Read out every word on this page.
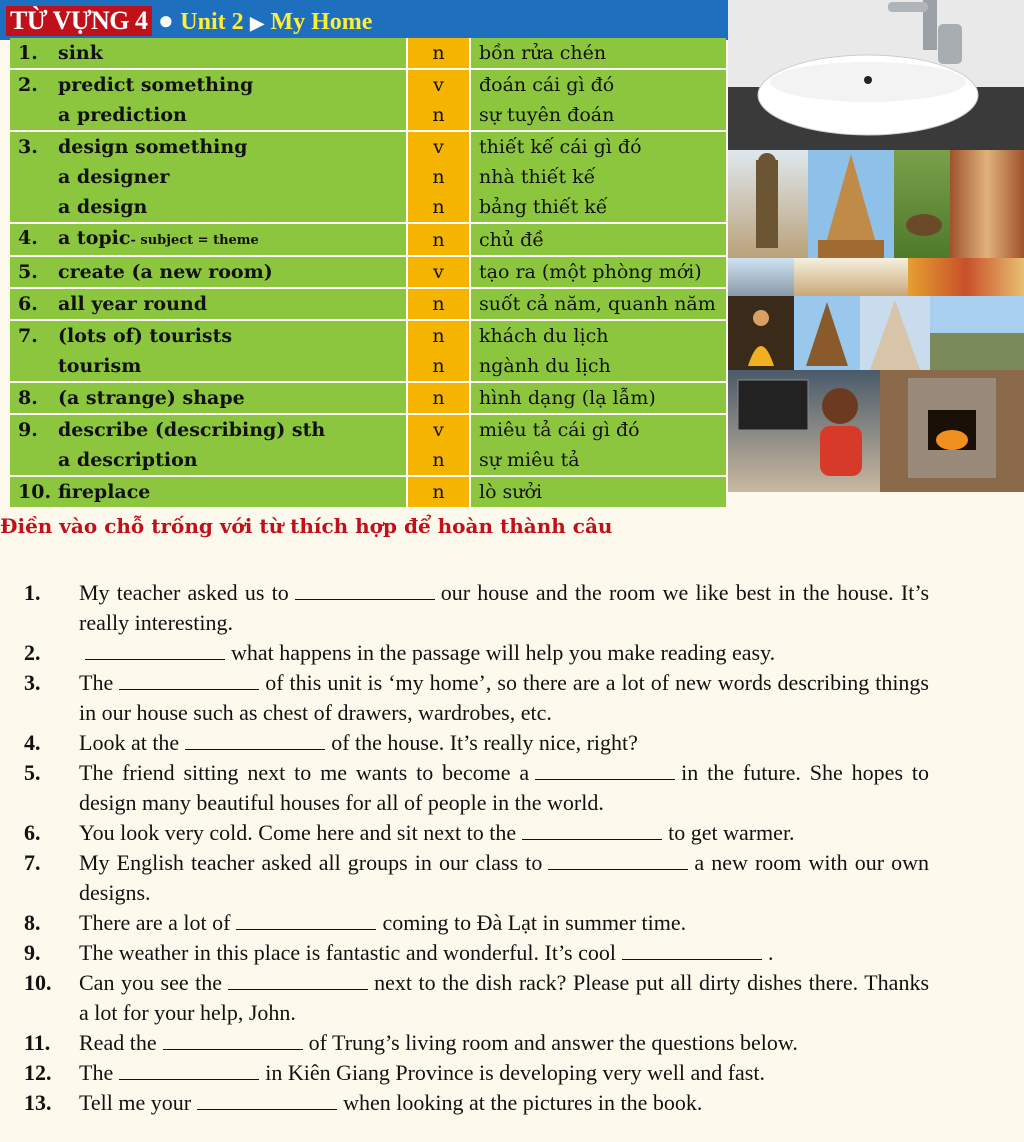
TỪ VỰNG 4 ● Unit 2 ▶ My Home
1. sink	n	bồn rửa chén
2. predict something	v	đoán cái gì đó
a prediction	n	sự tuyên đoán
3. design something	v	thiết kế cái gì đó
a designer	n	nhà thiết kế
a design	n	bảng thiết kế
4. a topic- subject = theme	n	chủ đề
5. create (a new room)	v	tạo ra (một phòng mới)
6. all year round	n	suốt cả năm, quanh năm
7. (lots of) tourists	n	khách du lịch
tourism	n	ngành du lịch
8. (a strange) shape	n	hình dạng (lạ lẫm)
9. describe (describing) sth	v	miêu tả cái gì đó
a description	n	sự miêu tả
10. fireplace	n	lò sưởi
Điền vào chỗ trống với từ thích hợp để hoàn thành câu
1.	My teacher asked us to	our house and the room we like best in the house. It’s really interesting.
2.	what happens in the passage will help you make reading easy.
3.	The	of this unit is ‘my home’, so there are a lot of new words describing things in our house such as chest of drawers, wardrobes, etc.
4.	Look at the	of the house. It’s really nice, right?
5.	The friend sitting next to me wants to become a	in the future. She hopes to design many beautiful houses for all of people in the world.
6.	You look very cold. Come here and sit next to the	to get warmer.
7.	My English teacher asked all groups in our class to	a new room with our own designs.
8.	There are a lot of	coming to Đà Lạt in summer time.
9.	The weather in this place is fantastic and wonderful. It’s cool	.
10.	Can you see the	next to the dish rack? Please put all dirty dishes there. Thanks a lot for your help, John.
11.	Read the	of Trung’s living room and answer the questions below.
12.	The	in Kiên Giang Province is developing very well and fast.
13.	Tell me your	when looking at the pictures in the book.
